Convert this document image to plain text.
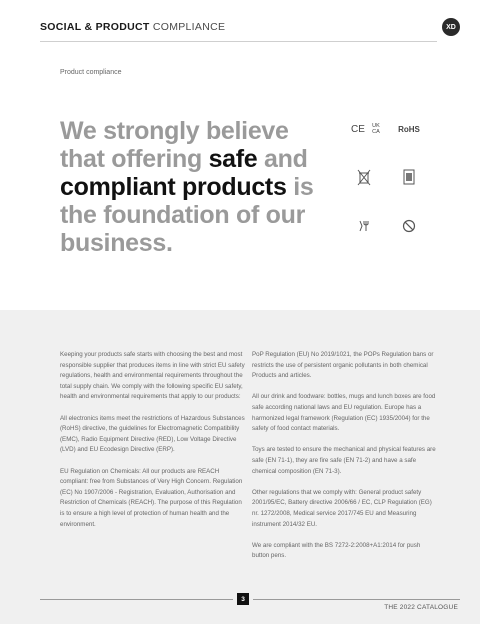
SOCIAL & PRODUCT COMPLIANCE	XD
Product compliance
We strongly believe that offering safe and compliant products is the foundation of our business.
CE UK CA RoHS

Keeping your products safe starts with choosing the best and most responsible supplier that produces items in line with strict EU safety regulations, health and environmental requirements throughout the total supply chain. We comply with the following specific EU safety, health and environmental requirements that apply to our products:

All electronics items meet the restrictions of Hazardous Substances (RoHS) directive, the guidelines for Electromagnetic Compatibility (EMC), Radio Equipment Directive (RED), Low Voltage Directive (LVD) and EU Ecodesign Directive (ERP).

EU Regulation on Chemicals: All our products are REACH compliant: free from Substances of Very High Concern. Regulation (EC) No 1907/2006 - Registration, Evaluation, Authorisation and Restriction of Chemicals (REACH). The purpose of this Regulation is to ensure a high level of protection of human health and the environment.

PoP Regulation (EU) No 2019/1021, the POPs Regulation bans or restricts the use of persistent organic pollutants in both chemical Products and articles.

All our drink and foodware: bottles, mugs and lunch boxes are food safe according national laws and EU regulation. Europe has a harmonized legal framework (Regulation (EC) 1935/2004) for the safety of food contact materials.

Toys are tested to ensure the mechanical and physical features are safe (EN 71-1), they are fire safe (EN 71-2) and have a safe chemical composition (EN 71-3).

Other regulations that we comply with: General product safety 2001/95/EC, Battery directive 2006/66 / EC, CLP Regulation (EG) nr. 1272/2008, Medical service 2017/745 EU and Measuring instrument 2014/32 EU.

We are compliant with the BS 7272-2:2008+A1:2014 for push button pens.

3
THE 2022 CATALOGUE
